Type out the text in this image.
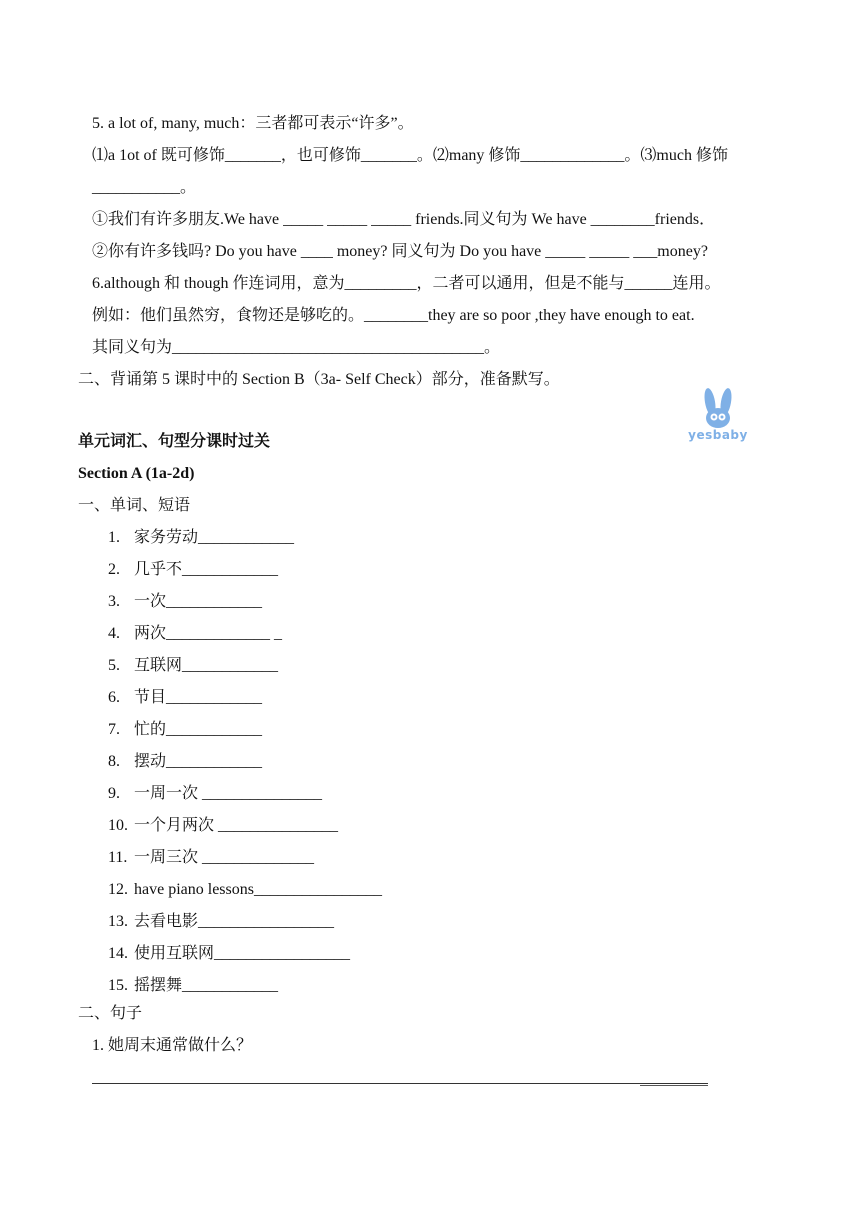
5. a lot of, many, much：三者都可表示“许多”。
⑴a 1ot of 既可修饰_______，也可修饰_______。⑵many 修饰_____________。⑶much 修饰
___________。
①我们有许多朋友.We have _____ _____ _____ friends.同义句为 We have ________friends．
②你有许多钱吗? Do you have ____ money? 同义句为 Do you have _____ _____ ___money?
6.although 和 though 作连词用，意为_________，二者可以通用，但是不能与______连用。
例如：他们虽然穷，食物还是够吃的。________they are so poor ,they have enough to eat.
其同义句为_______________________________________。
二、背诵第 5 课时中的 Section B（3a- Self Check）部分，准备默写。
yesbaby
单元词汇、句型分课时过关
Section A (1a-2d)
一、单词、短语
1. 家务劳动____________
2. 几乎不____________
3. 一次____________
4. 两次_____________ _
5. 互联网____________
6. 节目____________
7. 忙的____________
8. 摆动____________
9. 一周一次 _______________
10. 一个月两次 _______________
11. 一周三次 ______________
12. have piano lessons________________
13. 去看电影_________________
14. 使用互联网_________________
15. 摇摆舞____________
二、句子
1. 她周末通常做什么？
